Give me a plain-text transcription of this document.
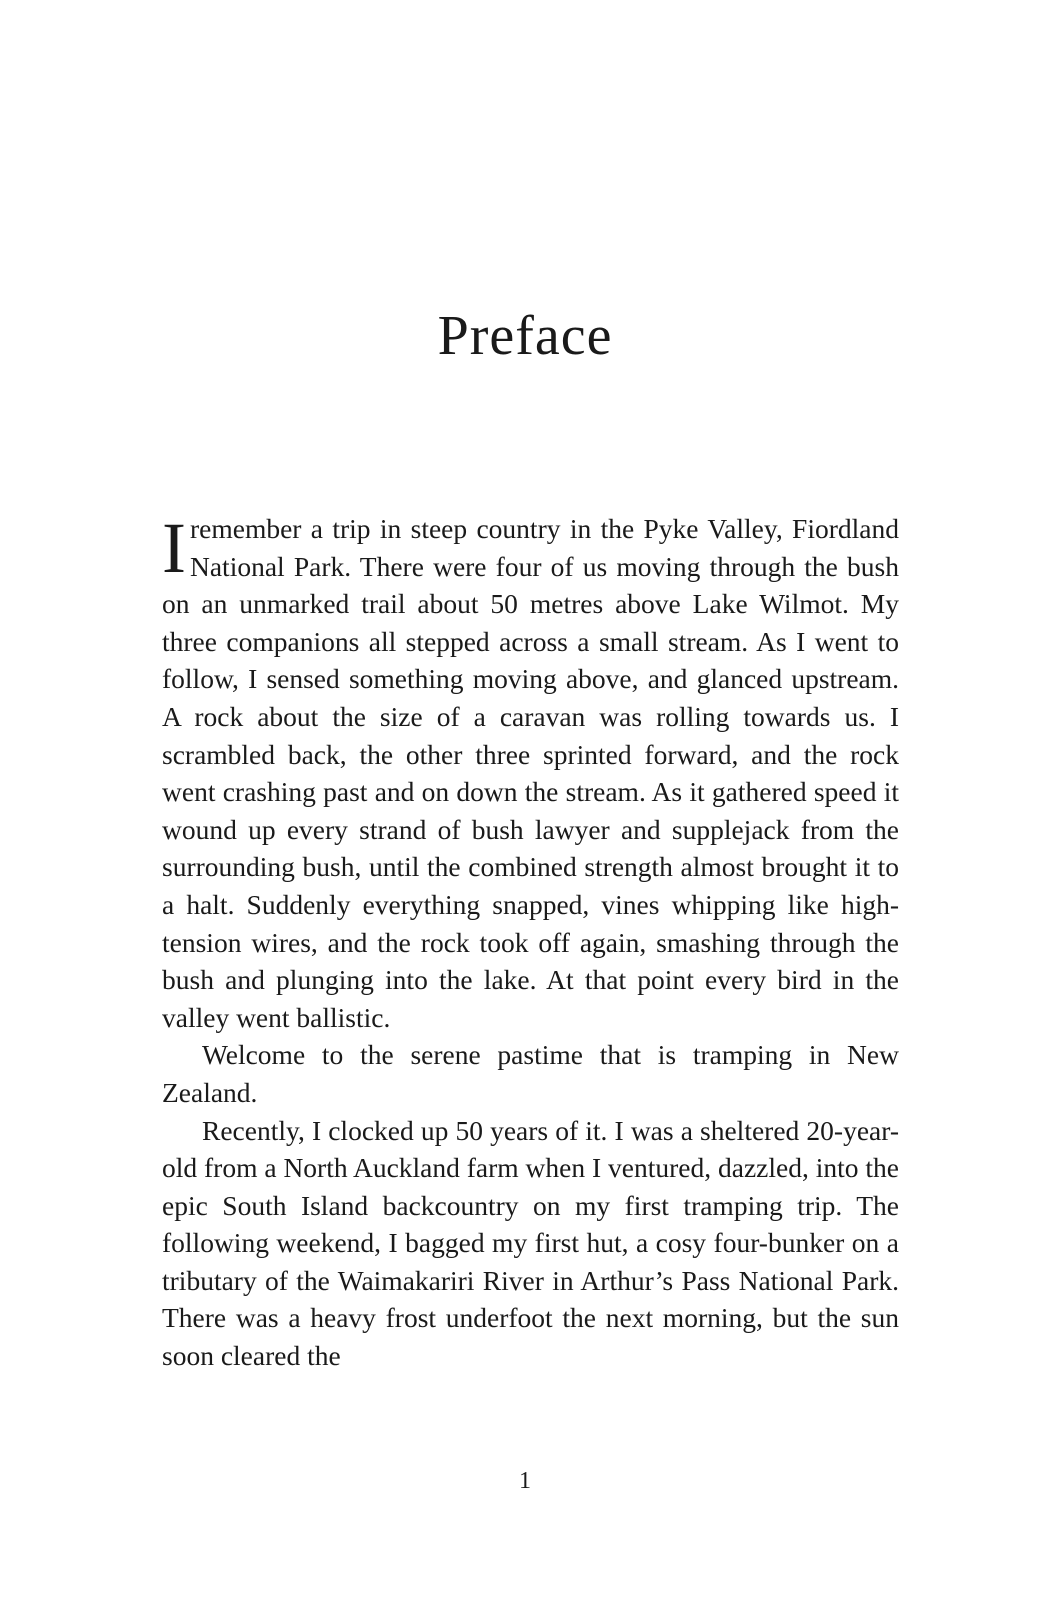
Preface

Iremember a trip in steep country in the Pyke Valley, Fiordland National Park. There were four of us moving through the bush on an unmarked trail about 50 metres above Lake Wilmot. My three companions all stepped across a small stream. As I went to follow, I sensed something moving above, and glanced upstream. A rock about the size of a caravan was rolling towards us. I scrambled back, the other three sprinted forward, and the rock went crashing past and on down the stream. As it gathered speed it wound up every strand of bush lawyer and supplejack from the surrounding bush, until the combined strength almost brought it to a halt. Suddenly everything snapped, vines whipping like high-tension wires, and the rock took off again, smashing through the bush and plunging into the lake. At that point every bird in the valley went ballistic.

Welcome to the serene pastime that is tramping in New Zealand.

Recently, I clocked up 50 years of it. I was a sheltered 20-year-old from a North Auckland farm when I ventured, dazzled, into the epic South Island backcountry on my first tramping trip. The following weekend, I bagged my first hut, a cosy four-bunker on a tributary of the Waimakariri River in Arthur’s Pass National Park. There was a heavy frost underfoot the next morning, but the sun soon cleared the

1
